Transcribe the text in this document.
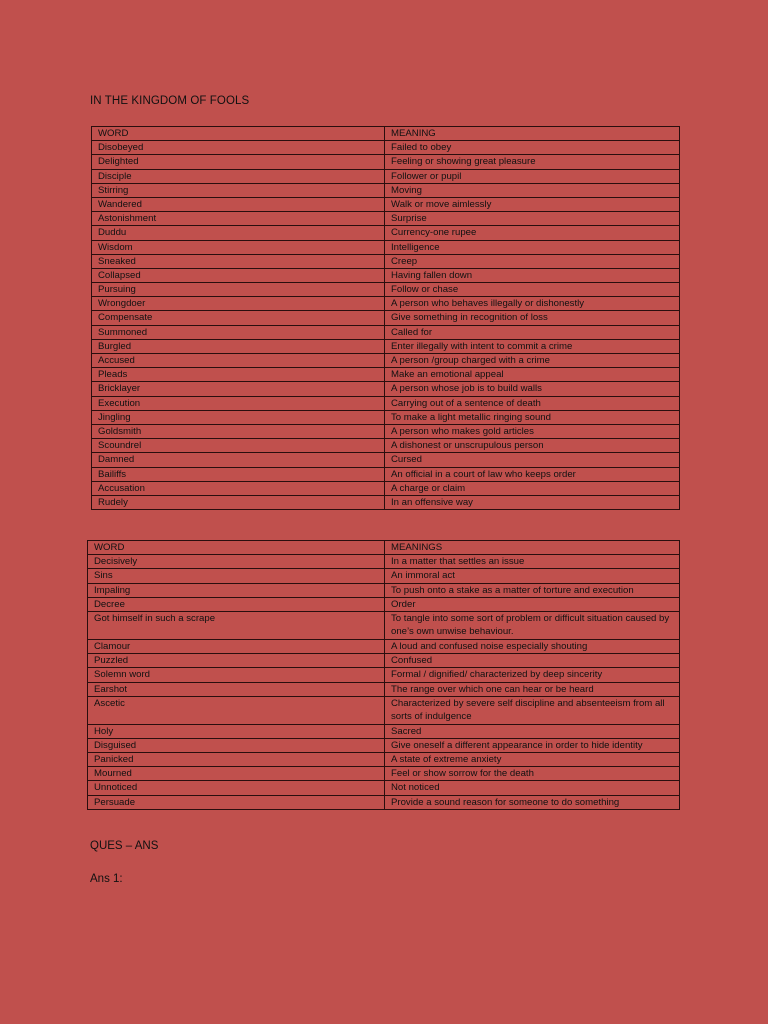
IN THE KINGDOM OF FOOLS
WORD	MEANING
Disobeyed	Failed to obey
Delighted	Feeling or showing great pleasure
Disciple	Follower or pupil
Stirring	Moving
Wandered	Walk or move aimlessly
Astonishment	Surprise
Duddu	Currency-one rupee
Wisdom	Intelligence
Sneaked	Creep
Collapsed	Having fallen down
Pursuing	Follow or chase
Wrongdoer	A person who behaves illegally or dishonestly
Compensate	Give something in recognition of loss
Summoned	Called for
Burgled	Enter illegally with intent to commit a crime
Accused	A person /group charged with a crime
Pleads	Make an emotional appeal
Bricklayer	A person whose job is to build walls
Execution	Carrying out of a sentence of death
Jingling	To make a light metallic ringing sound
Goldsmith	A person who makes gold articles
Scoundrel	A dishonest or unscrupulous person
Damned	Cursed
Bailiffs	An official in a court of law who keeps order
Accusation	A charge or claim
Rudely	In an offensive way
WORD	MEANINGS
Decisively	In a matter that settles an issue
Sins	An immoral act
Impaling	To push onto a stake as a matter of torture and execution
Decree	Order
Got himself in such a scrape	To tangle into some sort of problem or difficult situation caused by one’s own unwise behaviour.
Clamour	A loud and confused noise especially shouting
Puzzled	Confused
Solemn word	Formal / dignified/ characterized by deep sincerity
Earshot	The range over which one can hear or be heard
Ascetic	Characterized by severe self discipline and absenteeism from all sorts of indulgence
Holy	Sacred
Disguised	Give oneself a different appearance in order to hide identity
Panicked	A state of extreme anxiety
Mourned	Feel or show sorrow for the death
Unnoticed	Not noticed
Persuade	Provide a sound reason for someone to do something
QUES – ANS
Ans 1:
